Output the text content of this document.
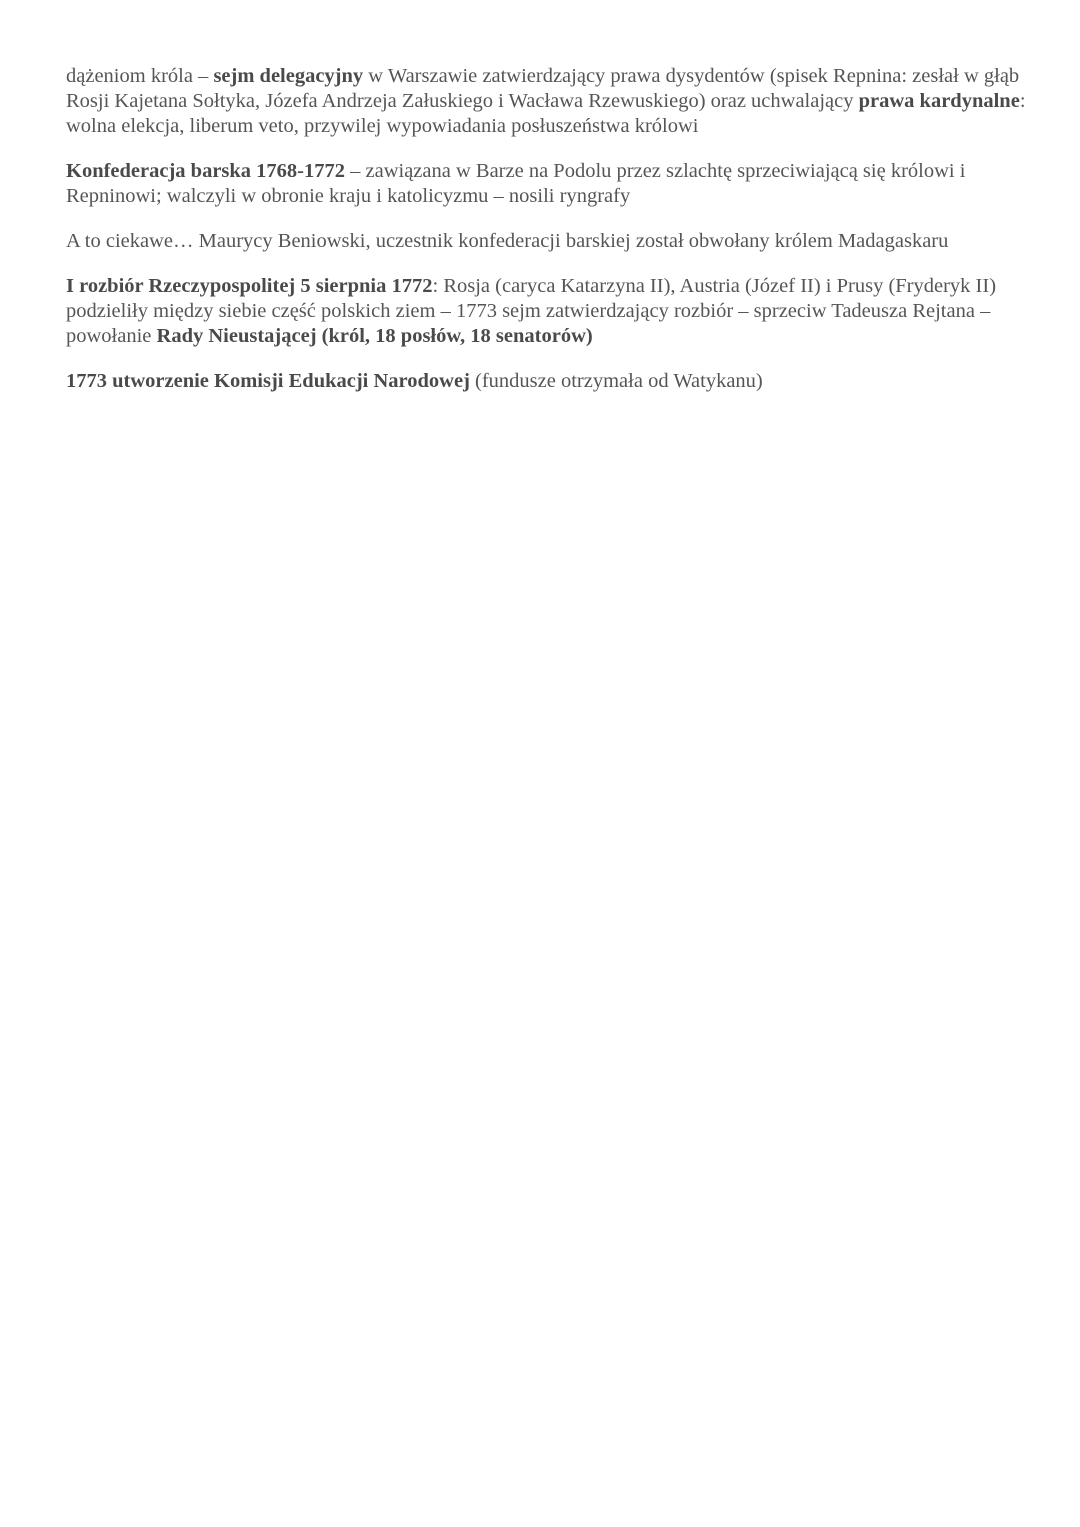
dążeniom króla – sejm delegacyjny w Warszawie zatwierdzający prawa dysydentów (spisek Repnina: zesłał w głąb Rosji Kajetana Sołtyka, Józefa Andrzeja Załuskiego i Wacława Rzewuskiego) oraz uchwalający prawa kardynalne: wolna elekcja, liberum veto, przywilej wypowiadania posłuszeństwa królowi

Konfederacja barska 1768-1772 – zawiązana w Barze na Podolu przez szlachtę sprzeciwiającą się królowi i Repninowi; walczyli w obronie kraju i katolicyzmu – nosili ryngrafy

A to ciekawe… Maurycy Beniowski, uczestnik konfederacji barskiej został obwołany królem Madagaskaru

I rozbiór Rzeczypospolitej 5 sierpnia 1772: Rosja (caryca Katarzyna II), Austria (Józef II) i Prusy (Fryderyk II) podzieliły między siebie część polskich ziem – 1773 sejm zatwierdzający rozbiór – sprzeciw Tadeusza Rejtana – powołanie Rady Nieustającej (król, 18 posłów, 18 senatorów)

1773 utworzenie Komisji Edukacji Narodowej (fundusze otrzymała od Watykanu)
